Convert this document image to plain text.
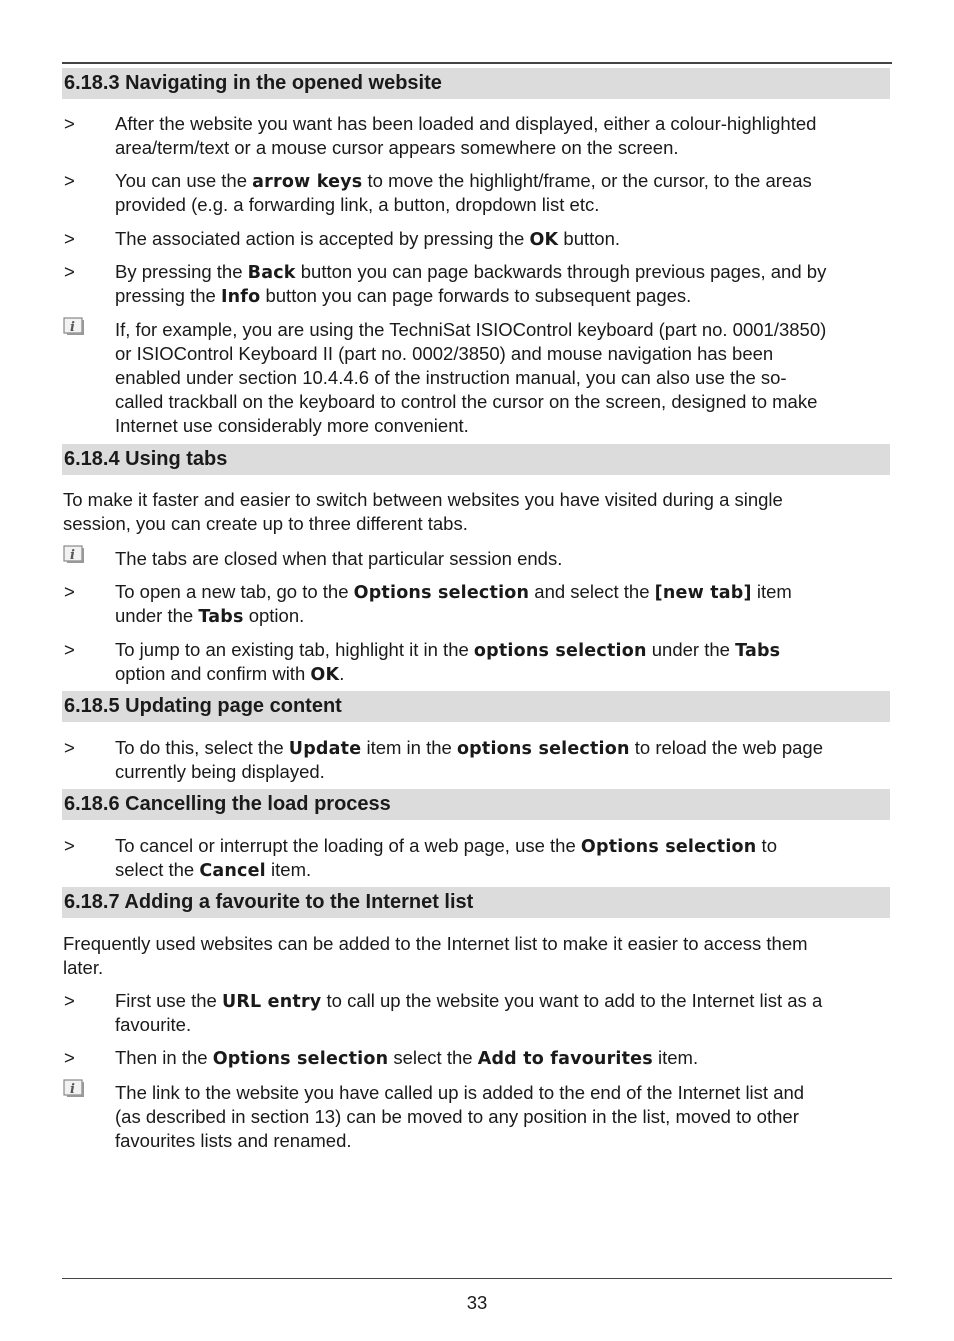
6.18.3 Navigating in the opened website
> After the website you want has been loaded and displayed, either a colour-highlighted
area/term/text or a mouse cursor appears somewhere on the screen.
> You can use the arrow keys to move the highlight/frame, or the cursor, to the areas
provided (e.g. a forwarding link, a button, dropdown list etc.
> The associated action is accepted by pressing the OK button.
> By pressing the Back button you can page backwards through previous pages, and by
pressing the Info button you can page forwards to subsequent pages.
i If, for example, you are using the TechniSat ISIOControl keyboard (part no. 0001/3850)
or ISIOControl Keyboard II (part no. 0002/3850) and mouse navigation has been
enabled under section 10.4.4.6 of the instruction manual, you can also use the so-
called trackball on the keyboard to control the cursor on the screen, designed to make
Internet use considerably more convenient.
6.18.4 Using tabs
To make it faster and easier to switch between websites you have visited during a single
session, you can create up to three different tabs.
i The tabs are closed when that particular session ends.
> To open a new tab, go to the Options selection and select the [new tab] item
under the Tabs option.
> To jump to an existing tab, highlight it in the options selection under the Tabs
option and confirm with OK.
6.18.5 Updating page content
> To do this, select the Update item in the options selection to reload the web page
currently being displayed.
6.18.6 Cancelling the load process
> To cancel or interrupt the loading of a web page, use the Options selection to
select the Cancel item.
6.18.7 Adding a favourite to the Internet list
Frequently used websites can be added to the Internet list to make it easier to access them
later.
> First use the URL entry to call up the website you want to add to the Internet list as a
favourite.
> Then in the Options selection select the Add to favourites item.
i The link to the website you have called up is added to the end of the Internet list and
(as described in section 13) can be moved to any position in the list, moved to other
favourites lists and renamed.
33
